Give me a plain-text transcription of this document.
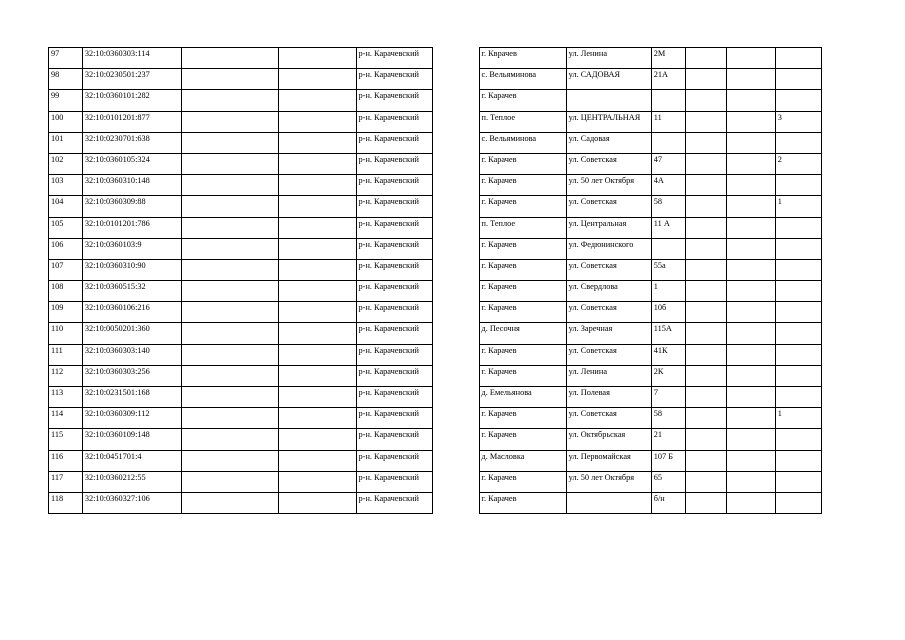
97	32:10:0360303:114			р-н. Карачевский		г. Кврачев	ул. Ленина	2М			
98	32:10:0230501:237			р-н. Карачевский		с. Вельяминова	ул. САДОВАЯ	21А			
99	32:10:0360101:282			р-н. Карачевский		г. Карачев					
100	32:10:0101201:877			р-н. Карачевский		п. Теплое	ул. ЦЕНТРАЛЬНАЯ	11			3
101	32:10:0230701:638			р-н. Карачевский		с. Вельяминова	ул. Садовая				
102	32:10:0360105:324			р-н. Карачевский		г. Карачев	ул. Советская	47			2
103	32:10:0360310:148			р-н. Карачевский		г. Карачев	ул. 50 лет Октября	4А			
104	32:10:0360309:88			р-н. Карачевский		г. Карачев	ул. Советская	58			1
105	32:10:0101201:786			р-н. Карачевский		п. Теплое	ул. Центральная	11 А			
106	32:10:0360103:9			р-н. Карачевский		г. Карачев	ул. Федюнинского				
107	32:10:0360310:90			р-н. Карачевский		г. Карачев	ул. Советская	55а			
108	32:10:0360515:32			р-н. Карачевский		г. Карачев	ул. Свердлова	1			
109	32:10:0360106:216			р-н. Карачевский		г. Карачев	ул. Советская	10б			
110	32:10:0050201:360			р-н. Карачевский		д. Песочня	ул. Заречная	115А			
111	32:10:0360303:140			р-н. Карачевский		г. Карачев	ул. Советская	41К			
112	32:10:0360303:256			р-н. Карачевский		г. Карачев	ул. Ленина	2К			
113	32:10:0231501:168			р-н. Карачевский		д. Емельянова	ул. Полевая	7			
114	32:10:0360309:112			р-н. Карачевский		г. Карачев	ул. Советская	58			1
115	32:10:0360109:148			р-н. Карачевский		г. Карачев	ул. Октябрьская	21			
116	32:10:0451701:4			р-н. Карачевский		д. Масловка	ул. Первомайская	107 Б			
117	32:10:0360212:55			р-н. Карачевский		г. Карачев	ул. 50 лет Октября	65			
118	32:10:0360327:106			р-н. Карачевский		г. Карачев		б/н			
